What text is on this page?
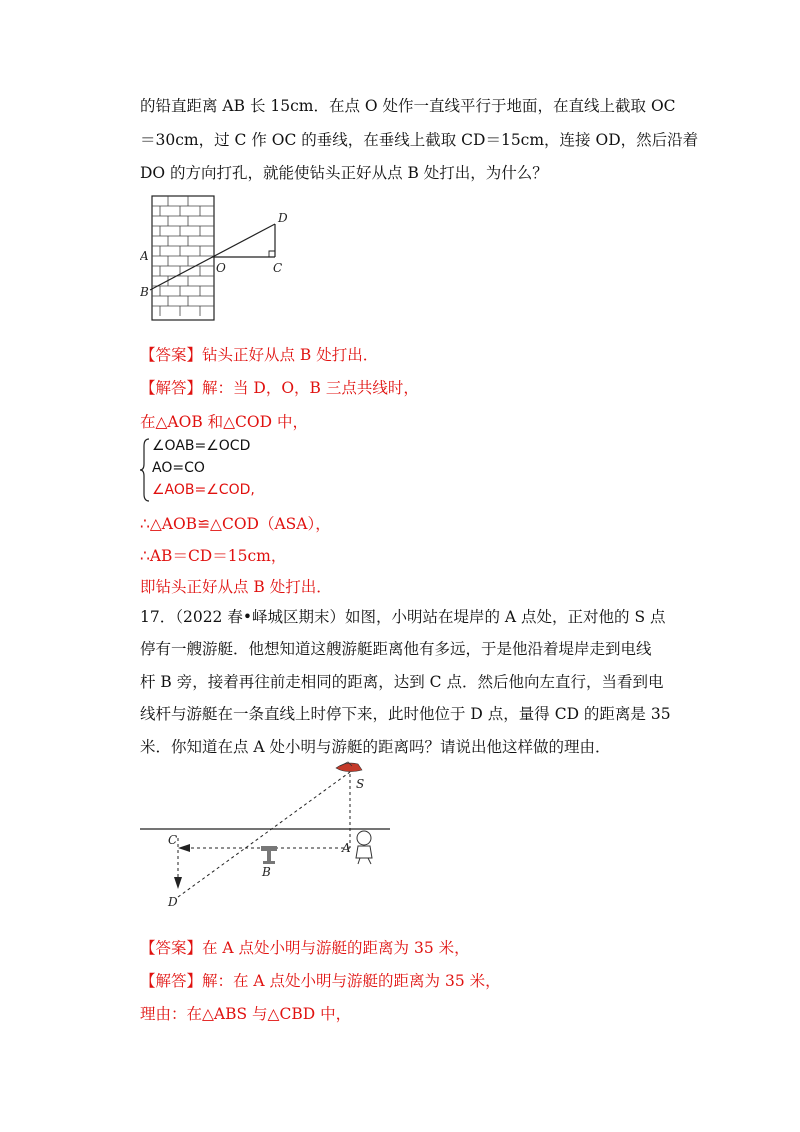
的铅直距离 AB 长 15cm．在点 O 处作一直线平行于地面，在直线上截取 OC
＝30cm，过 C 作 OC 的垂线，在垂线上截取 CD＝15cm，连接 OD，然后沿着
DO 的方向打孔，就能使钻头正好从点 B 处打出，为什么？
A
B
O	C
D
【答案】钻头正好从点 B 处打出．
【解答】解：当 D，O，B 三点共线时，
在△AOB 和△COD 中，
∠OAB=∠OCD
AO=CO
∠AOB=∠COD,
∴△AOB≌△COD（ASA），
∴AB＝CD＝15cm，
即钻头正好从点 B 处打出．
17．（2022 春•峄城区期末）如图，小明站在堤岸的 A 点处，正对他的 S 点
停有一艘游艇．他想知道这艘游艇距离他有多远，于是他沿着堤岸走到电线
杆 B 旁，接着再往前走相同的距离，达到 C 点．然后他向左直行，当看到电
线杆与游艇在一条直线上时停下来，此时他位于 D 点，量得 CD 的距离是 35
米．你知道在点 A 处小明与游艇的距离吗？请说出他这样做的理由．
S
C
A
B
D
【答案】在 A 点处小明与游艇的距离为 35 米，
【解答】解：在 A 点处小明与游艇的距离为 35 米，
理由：在△ABS 与△CBD 中，
